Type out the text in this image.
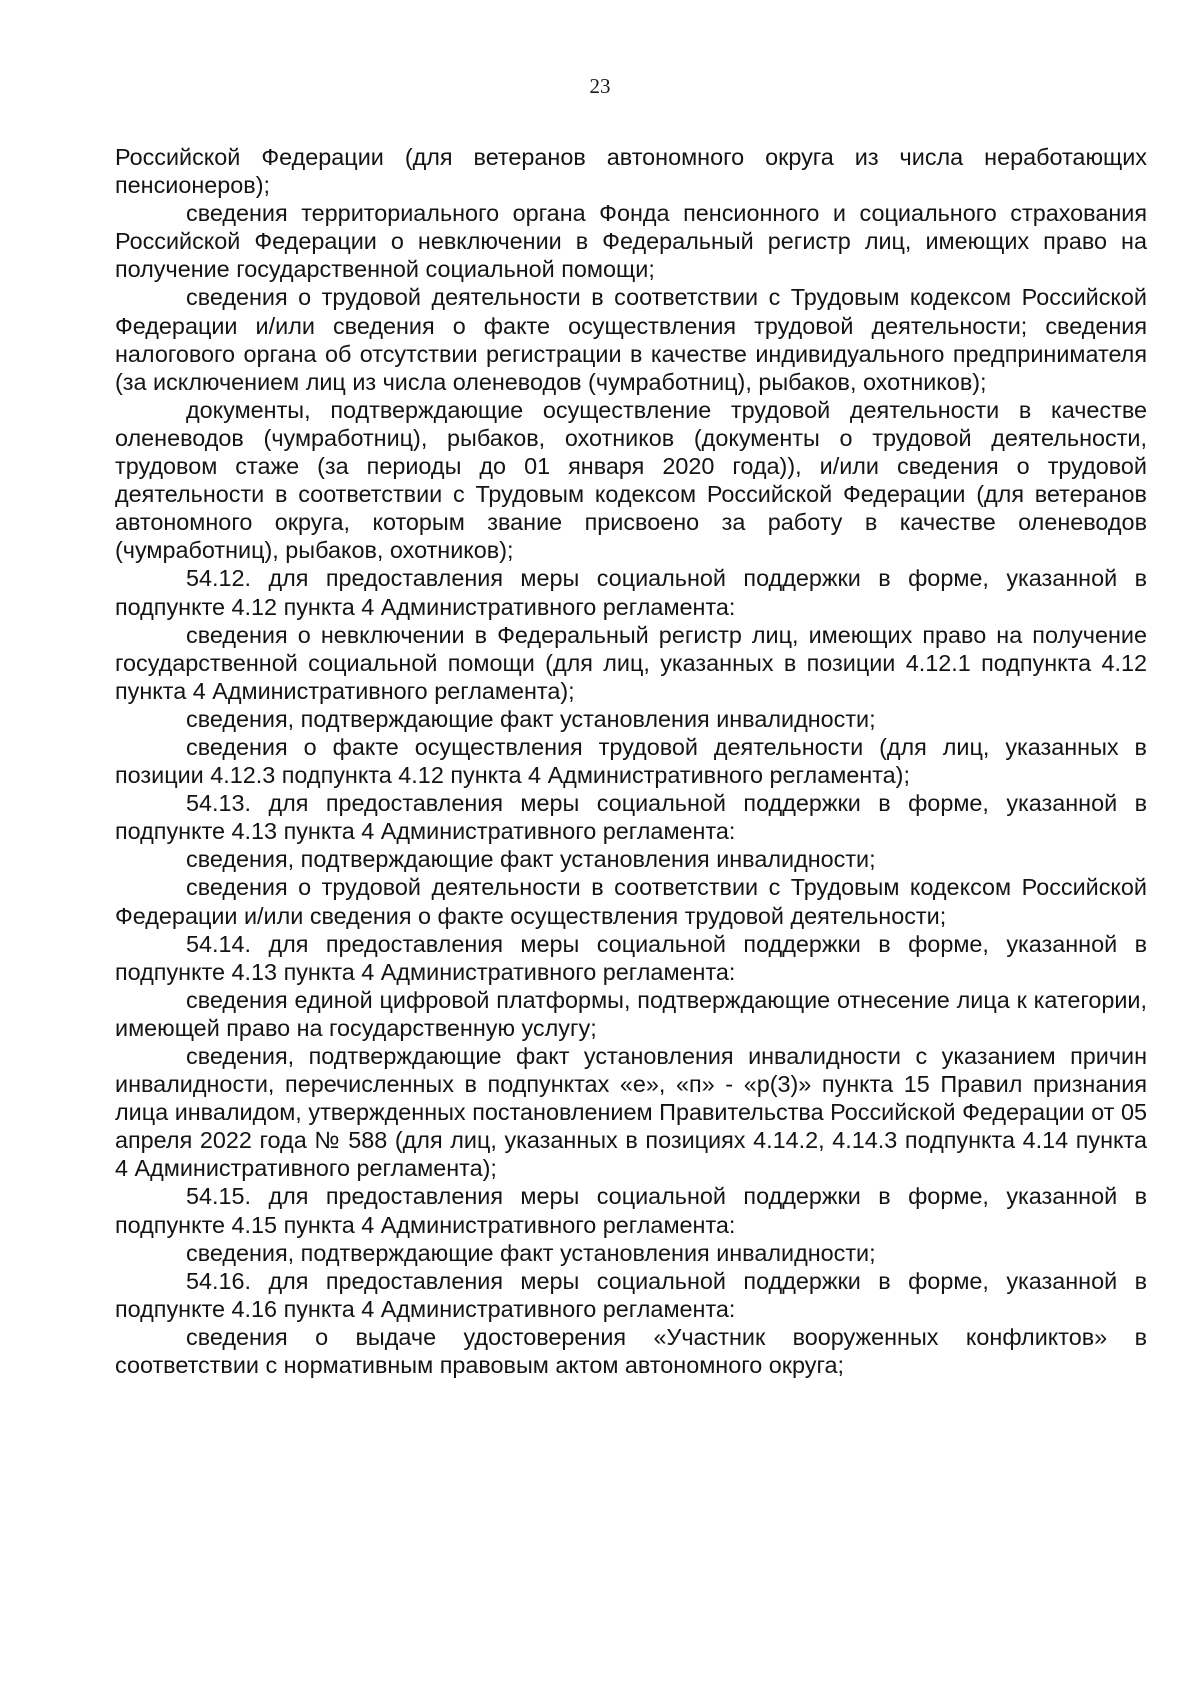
23

Российской Федерации (для ветеранов автономного округа из числа неработающих пенсионеров);

сведения территориального органа Фонда пенсионного и социального страхования Российской Федерации о невключении в Федеральный регистр лиц, имеющих право на получение государственной социальной помощи;

сведения о трудовой деятельности в соответствии с Трудовым кодексом Российской Федерации и/или сведения о факте осуществления трудовой деятельности; сведения налогового органа об отсутствии регистрации в качестве индивидуального предпринимателя (за исключением лиц из числа оленеводов (чумработниц), рыбаков, охотников);

документы, подтверждающие осуществление трудовой деятельности в качестве оленеводов (чумработниц), рыбаков, охотников (документы о трудовой деятельности, трудовом стаже (за периоды до 01 января 2020 года)), и/или сведения о трудовой деятельности в соответствии с Трудовым кодексом Российской Федерации (для ветеранов автономного округа, которым звание присвоено за работу в качестве оленеводов (чумработниц), рыбаков, охотников);

54.12. для предоставления меры социальной поддержки в форме, указанной в подпункте 4.12 пункта 4 Административного регламента:

сведения о невключении в Федеральный регистр лиц, имеющих право на получение государственной социальной помощи (для лиц, указанных в позиции 4.12.1 подпункта 4.12 пункта 4 Административного регламента);

сведения, подтверждающие факт установления инвалидности;

сведения о факте осуществления трудовой деятельности (для лиц, указанных в позиции 4.12.3 подпункта 4.12 пункта 4 Административного регламента);

54.13. для предоставления меры социальной поддержки в форме, указанной в подпункте 4.13 пункта 4 Административного регламента:

сведения, подтверждающие факт установления инвалидности;

сведения о трудовой деятельности в соответствии с Трудовым кодексом Российской Федерации и/или сведения о факте осуществления трудовой деятельности;

54.14. для предоставления меры социальной поддержки в форме, указанной в подпункте 4.13 пункта 4 Административного регламента:

сведения единой цифровой платформы, подтверждающие отнесение лица к категории, имеющей право на государственную услугу;

сведения, подтверждающие факт установления инвалидности с указанием причин инвалидности, перечисленных в подпунктах «е», «п» - «р(3)» пункта 15 Правил признания лица инвалидом, утвержденных постановлением Правительства Российской Федерации от 05 апреля 2022 года № 588 (для лиц, указанных в позициях 4.14.2, 4.14.3 подпункта 4.14 пункта 4 Административного регламента);

54.15. для предоставления меры социальной поддержки в форме, указанной в подпункте 4.15 пункта 4 Административного регламента:

сведения, подтверждающие факт установления инвалидности;

54.16. для предоставления меры социальной поддержки в форме, указанной в подпункте 4.16 пункта 4 Административного регламента:

сведения о выдаче удостоверения «Участник вооруженных конфликтов» в соответствии с нормативным правовым актом автономного округа;
